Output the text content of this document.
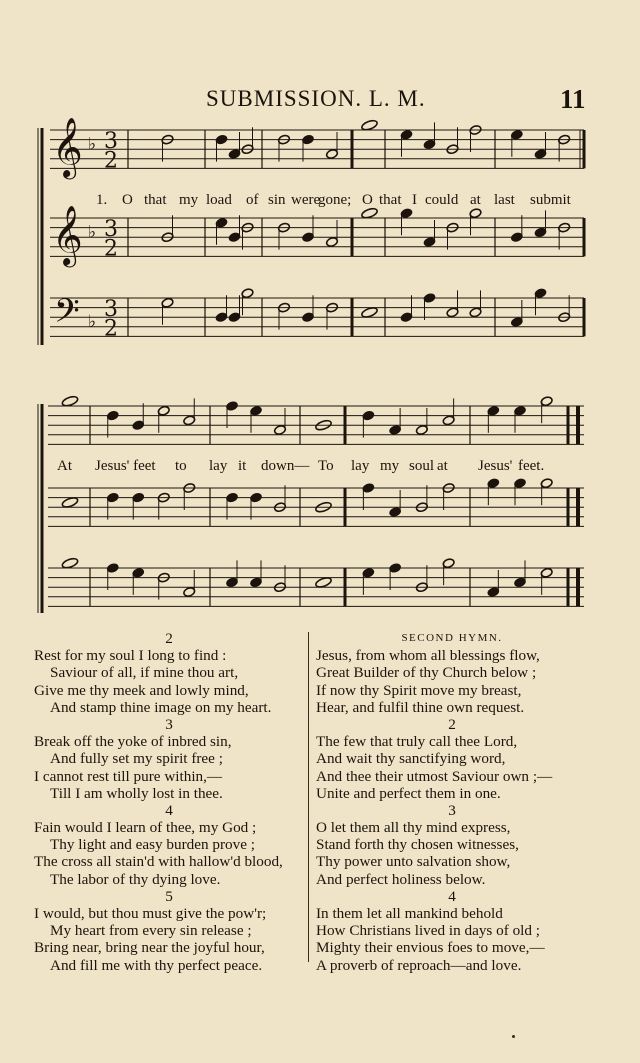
SUBMISSION. L. M.	11
𝄞 ♭ 3
2
𝄞 ♭ 3
2
𝄢 ♭ 3
2
1. O that my load of sin were
gone; O that I could at last submit
At Jesus' feet to lay it down— To lay my soul at Jesus' feet.
2
Rest for my soul I long to find :
Saviour of all, if mine thou art,
Give me thy meek and lowly mind,
And stamp thine image on my heart.
3
Break off the yoke of inbred sin,
And fully set my spirit free ;
I cannot rest till pure within,—
Till I am wholly lost in thee.
4
Fain would I learn of thee, my God ;
Thy light and easy burden prove ;
The cross all stain'd with hallow'd blood,
The labor of thy dying love.
5
I would, but thou must give the pow'r;
My heart from every sin release ;
Bring near, bring near the joyful hour,
And fill me with thy perfect peace.
SECOND HYMN.
Jesus, from whom all blessings flow,
Great Builder of thy Church below ;
If now thy Spirit move my breast,
Hear, and fulfil thine own request.
2
The few that truly call thee Lord,
And wait thy sanctifying word,
And thee their utmost Saviour own ;—
Unite and perfect them in one.
3
O let them all thy mind express,
Stand forth thy chosen witnesses,
Thy power unto salvation show,
And perfect holiness below.
4
In them let all mankind behold
How Christians lived in days of old ;
Mighty their envious foes to move,—
A proverb of reproach—and love.
